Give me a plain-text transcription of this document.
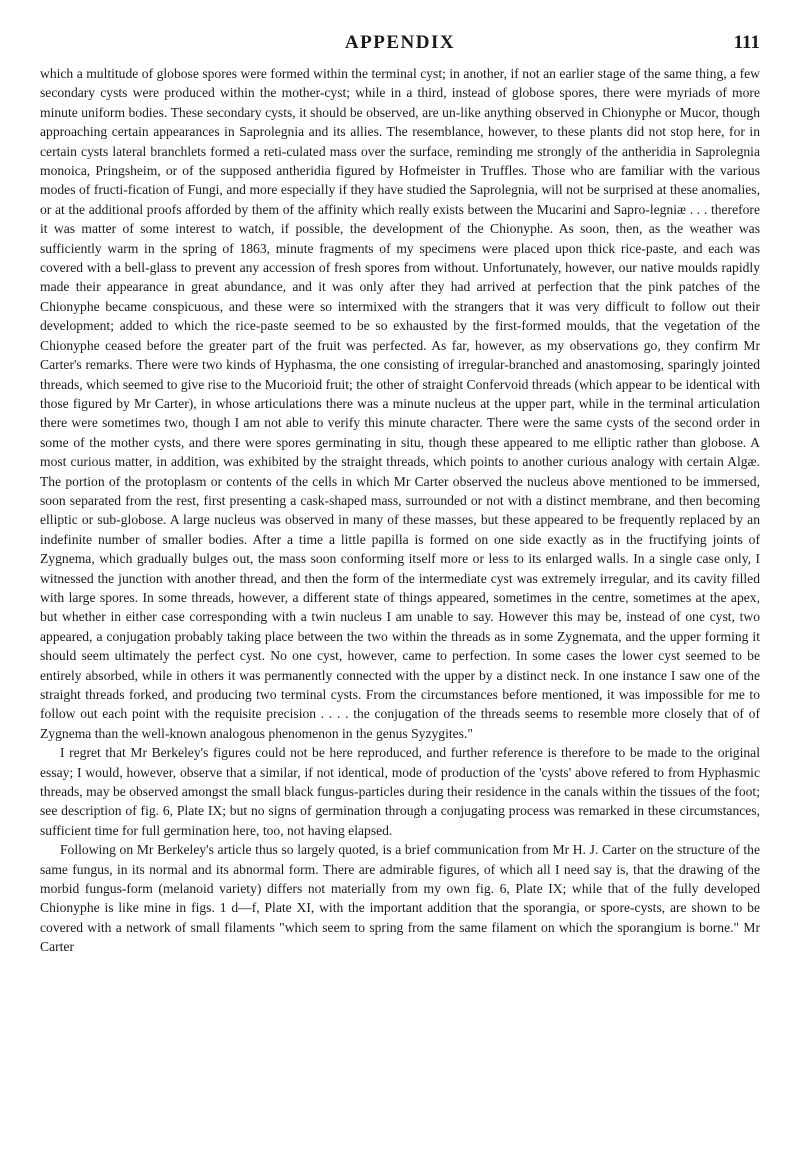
APPENDIX	111

which a multitude of globose spores were formed within the terminal cyst; in another, if not an earlier stage of the same thing, a few secondary cysts were produced within the mother-cyst; while in a third, instead of globose spores, there were myriads of more minute uniform bodies. These secondary cysts, it should be observed, are un-like anything observed in Chionyphe or Mucor, though approaching certain appearances in Saprolegnia and its allies. The resemblance, however, to these plants did not stop here, for in certain cysts lateral branchlets formed a reti-culated mass over the surface, reminding me strongly of the antheridia in Saprolegnia monoica, Pringsheim, or of the supposed antheridia figured by Hofmeister in Truffles. Those who are familiar with the various modes of fructi-fication of Fungi, and more especially if they have studied the Saprolegnia, will not be surprised at these anomalies, or at the additional proofs afforded by them of the affinity which really exists between the Mucarini and Sapro-legniæ . . . therefore it was matter of some interest to watch, if possible, the development of the Chionyphe. As soon, then, as the weather was sufficiently warm in the spring of 1863, minute fragments of my specimens were placed upon thick rice-paste, and each was covered with a bell-glass to prevent any accession of fresh spores from without. Unfortunately, however, our native moulds rapidly made their appearance in great abundance, and it was only after they had arrived at perfection that the pink patches of the Chionyphe became conspicuous, and these were so intermixed with the strangers that it was very difficult to follow out their development; added to which the rice-paste seemed to be so exhausted by the first-formed moulds, that the vegetation of the Chionyphe ceased before the greater part of the fruit was perfected. As far, however, as my observations go, they confirm Mr Carter's remarks. There were two kinds of Hyphasma, the one consisting of irregular-branched and anastomosing, sparingly jointed threads, which seemed to give rise to the Mucorioid fruit; the other of straight Confervoid threads (which appear to be identical with those figured by Mr Carter), in whose articulations there was a minute nucleus at the upper part, while in the terminal articulation there were sometimes two, though I am not able to verify this minute character. There were the same cysts of the second order in some of the mother cysts, and there were spores germinating in situ, though these appeared to me elliptic rather than globose. A most curious matter, in addition, was exhibited by the straight threads, which points to another curious analogy with certain Algæ. The portion of the protoplasm or contents of the cells in which Mr Carter observed the nucleus above mentioned to be immersed, soon separated from the rest, first presenting a cask-shaped mass, surrounded or not with a distinct membrane, and then becoming elliptic or sub-globose. A large nucleus was observed in many of these masses, but these appeared to be frequently replaced by an indefinite number of smaller bodies. After a time a little papilla is formed on one side exactly as in the fructifying joints of Zygnema, which gradually bulges out, the mass soon conforming itself more or less to its enlarged walls. In a single case only, I witnessed the junction with another thread, and then the form of the intermediate cyst was extremely irregular, and its cavity filled with large spores. In some threads, however, a different state of things appeared, sometimes in the centre, sometimes at the apex, but whether in either case corresponding with a twin nucleus I am unable to say. However this may be, instead of one cyst, two appeared, a conjugation probably taking place between the two within the threads as in some Zygnemata, and the upper forming it should seem ultimately the perfect cyst. No one cyst, however, came to perfection. In some cases the lower cyst seemed to be entirely absorbed, while in others it was permanently connected with the upper by a distinct neck. In one instance I saw one of the straight threads forked, and producing two terminal cysts. From the circumstances before mentioned, it was impossible for me to follow out each point with the requisite precision . . . . the conjugation of the threads seems to resemble more closely that of of Zygnema than the well-known analogous phenomenon in the genus Syzygites."

I regret that Mr Berkeley's figures could not be here reproduced, and further reference is therefore to be made to the original essay; I would, however, observe that a similar, if not identical, mode of production of the 'cysts' above refered to from Hyphasmic threads, may be observed amongst the small black fungus-particles during their residence in the canals within the tissues of the foot; see description of fig. 6, Plate IX; but no signs of germination through a conjugating process was remarked in these circumstances, sufficient time for full germination here, too, not having elapsed.

Following on Mr Berkeley's article thus so largely quoted, is a brief communication from Mr H. J. Carter on the structure of the same fungus, in its normal and its abnormal form. There are admirable figures, of which all I need say is, that the drawing of the morbid fungus-form (melanoid variety) differs not materially from my own fig. 6, Plate IX; while that of the fully developed Chionyphe is like mine in figs. 1 d—f, Plate XI, with the important addition that the sporangia, or spore-cysts, are shown to be covered with a network of small filaments "which seem to spring from the same filament on which the sporangium is borne." Mr Carter
